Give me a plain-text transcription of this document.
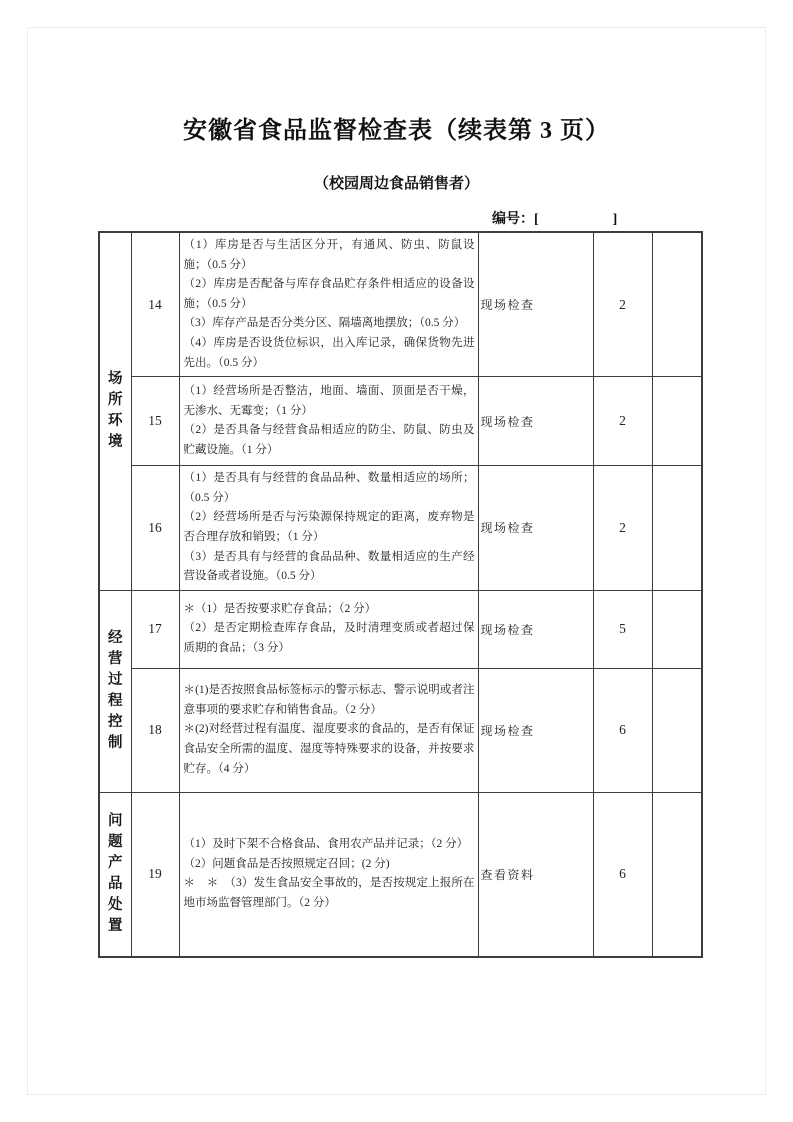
安徽省食品监督检查表（续表第 3 页）
（校园周边食品销售者）
编号：[	]
场所环境	14	（1）库房是否与生活区分开，有通风、防虫、防鼠设施；（0.5 分）
（2）库房是否配备与库存食品贮存条件相适应的设备设施；（0.5 分）
（3）库存产品是否分类分区、隔墙离地摆放；（0.5 分）
（4）库房是否设货位标识，出入库记录，确保货物先进先出。（0.5 分）	现场检查	2	
	15	（1）经营场所是否整洁，地面、墙面、顶面是否干燥，无渗水、无霉变；（1 分）
（2）是否具备与经营食品相适应的防尘、防鼠、防虫及贮藏设施。（1 分）	现场检查	2	
	16	（1）是否具有与经营的食品品种、数量相适应的场所；（0.5 分）
（2）经营场所是否与污染源保持规定的距离，废弃物是否合理存放和销毁；（1 分）
（3）是否具有与经营的食品品种、数量相适应的生产经营设备或者设施。（0.5 分）	现场检查	2	
经营过程控制	17	＊（1）是否按要求贮存食品；（2 分）
（2）是否定期检查库存食品，及时清理变质或者超过保质期的食品；（3 分）	现场检查	5	
	18	＊(1)是否按照食品标签标示的警示标志、警示说明或者注意事项的要求贮存和销售食品。（2 分）
＊(2)对经营过程有温度、湿度要求的食品的，是否有保证食品安全所需的温度、湿度等特殊要求的设备，并按要求贮存。（4 分）	现场检查	6	
问题产品处置	19	（1）及时下架不合格食品、食用农产品并记录；（2 分）
（2）问题食品是否按照规定召回；(2 分)
＊　＊　（3）发生食品安全事故的，是否按规定上报所在地市场监督管理部门。（2 分）	查看资料	6	
